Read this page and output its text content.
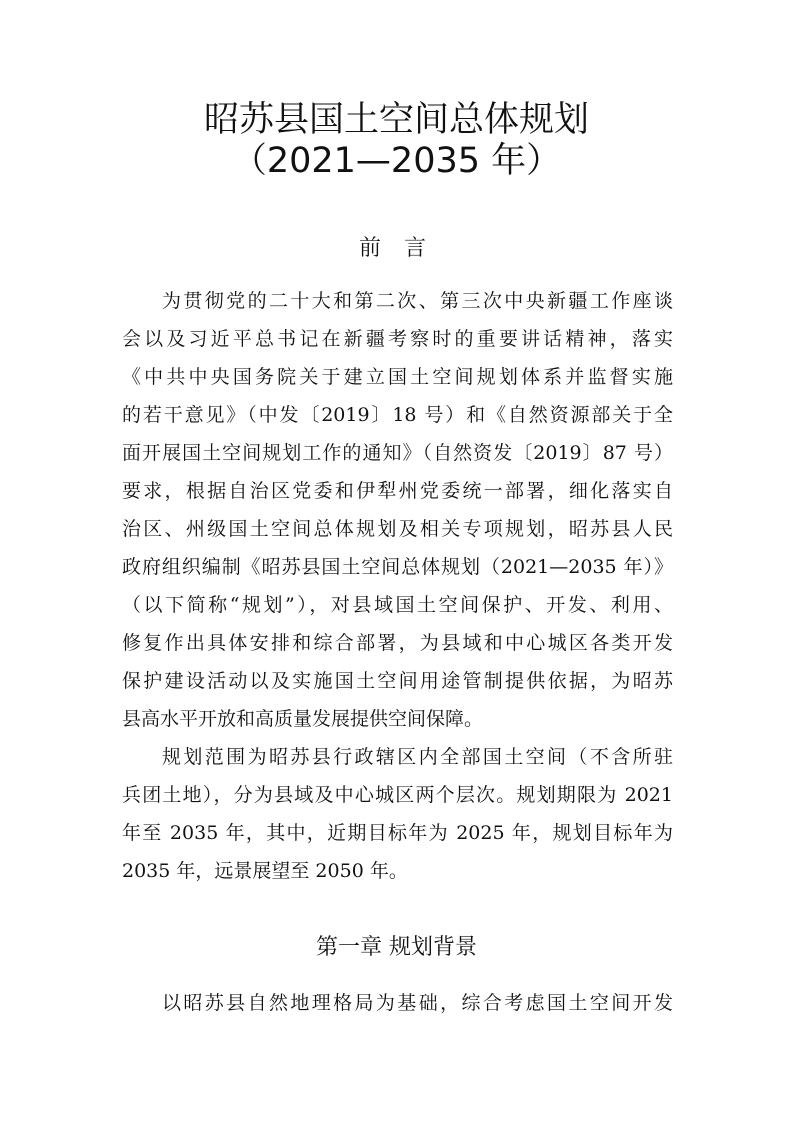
昭苏县国土空间总体规划
（2021—2035 年）
前 言

为贯彻党的二十大和第二次、第三次中央新疆工作座谈

会以及习近平总书记在新疆考察时的重要讲话精神，落实

《中共中央国务院关于建立国土空间规划体系并监督实施

的若干意见》（中发〔2019〕18 号）和《自然资源部关于全

面开展国土空间规划工作的通知》（自然资发〔2019〕87 号）

要求，根据自治区党委和伊犁州党委统一部署，细化落实自

治区、州级国土空间总体规划及相关专项规划，昭苏县人民

政府组织编制《昭苏县国土空间总体规划（2021—2035 年）》

（以下简称“规划”），对县域国土空间保护、开发、利用、

修复作出具体安排和综合部署，为县域和中心城区各类开发

保护建设活动以及实施国土空间用途管制提供依据，为昭苏

县高水平开放和高质量发展提供空间保障。

规划范围为昭苏县行政辖区内全部国土空间（不含所驻

兵团土地），分为县域及中心城区两个层次。规划期限为 2021

年至 2035 年，其中，近期目标年为 2025 年，规划目标年为

2035 年，远景展望至 2050 年。

第一章 规划背景

以昭苏县自然地理格局为基础，综合考虑国土空间开发
